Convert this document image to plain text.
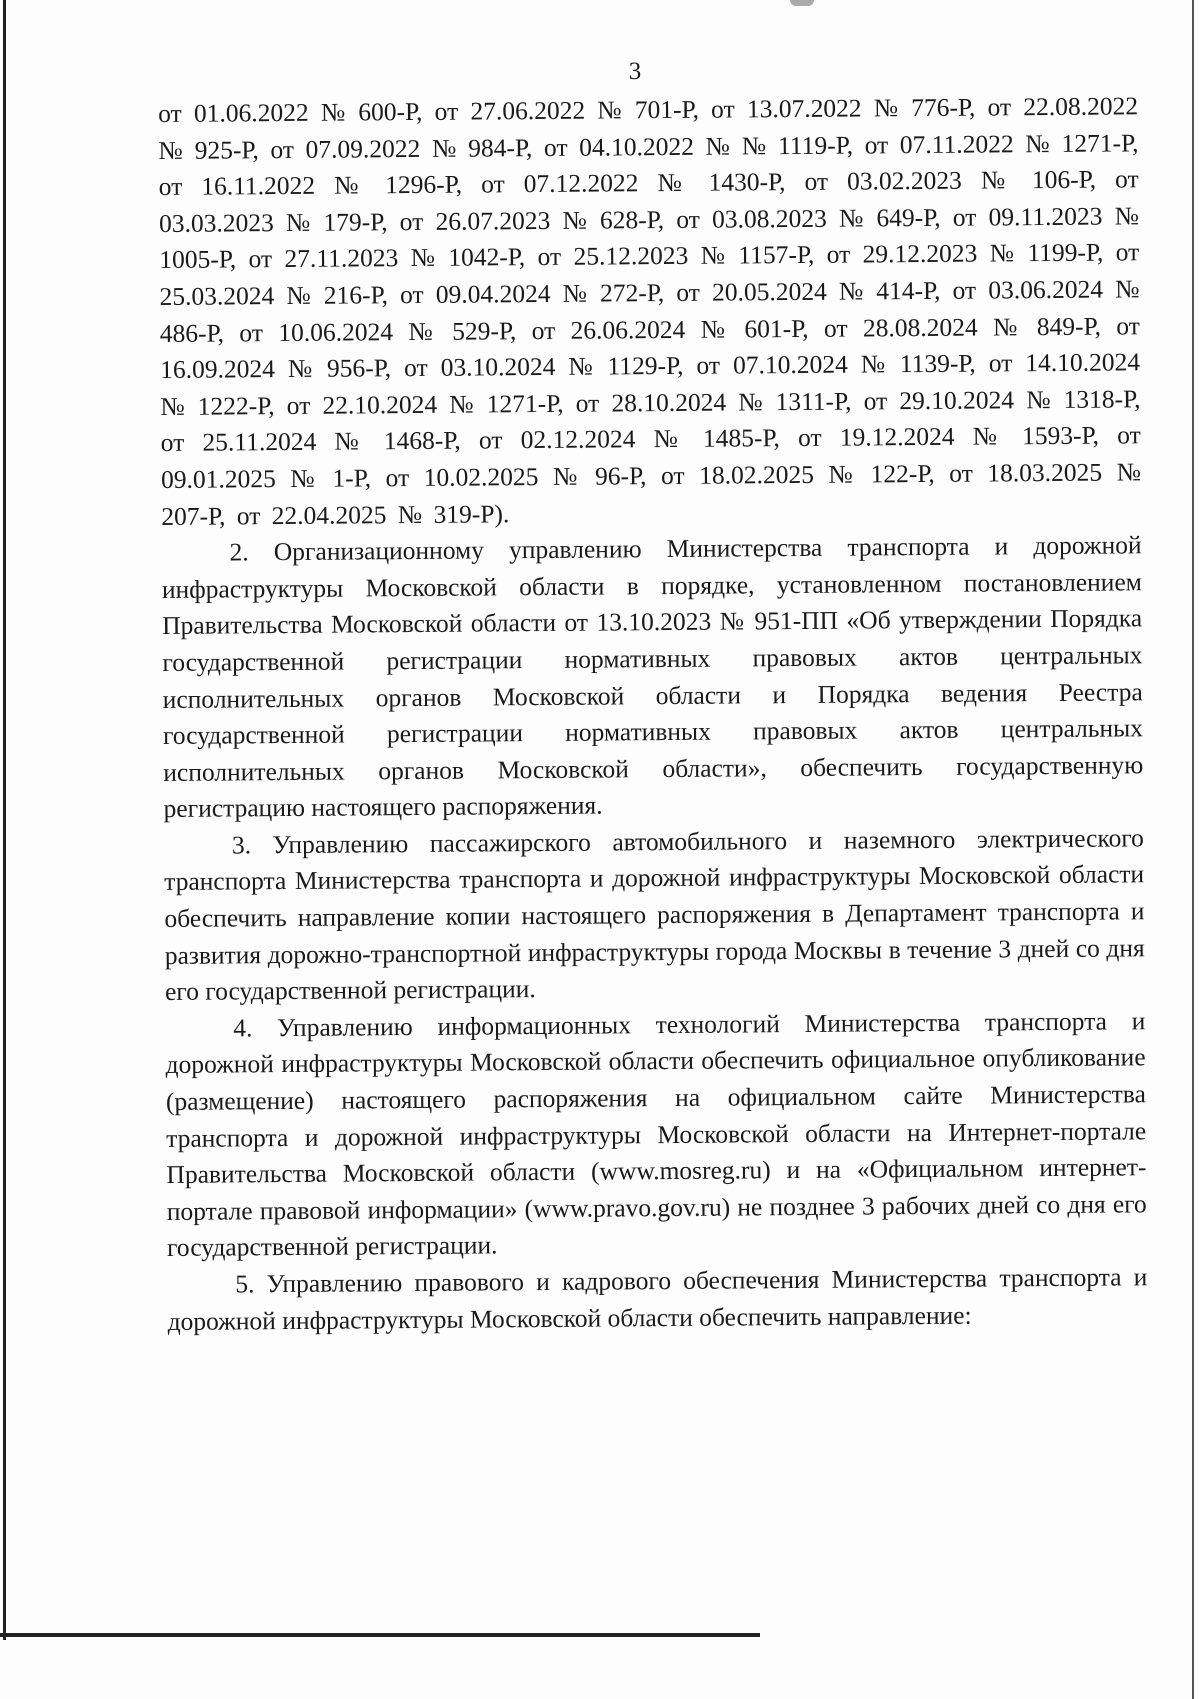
3

от 01.06.2022 № 600-Р, от 27.06.2022 № 701-Р, от 13.07.2022 № 776-Р, от 22.08.2022 № 925-Р, от 07.09.2022 № 984-Р, от 04.10.2022 № № 1119-Р, от 07.11.2022 № 1271-Р, от 16.11.2022 № 1296-Р, от 07.12.2022 № 1430-Р, от 03.02.2023 № 106-Р, от 03.03.2023 № 179-Р, от 26.07.2023 № 628-Р, от 03.08.2023 № 649-Р, от 09.11.2023 № 1005-Р, от 27.11.2023 № 1042-Р, от 25.12.2023 № 1157-Р, от 29.12.2023 № 1199-Р, от 25.03.2024 № 216-Р, от 09.04.2024 № 272-Р, от 20.05.2024 № 414-Р, от 03.06.2024 № 486-Р, от 10.06.2024 № 529-Р, от 26.06.2024 № 601-Р, от 28.08.2024 № 849-Р, от 16.09.2024 № 956-Р, от 03.10.2024 № 1129-Р, от 07.10.2024 № 1139-Р, от 14.10.2024 № 1222-Р, от 22.10.2024 № 1271-Р, от 28.10.2024 № 1311-Р, от 29.10.2024 № 1318-Р, от 25.11.2024 № 1468-Р, от 02.12.2024 № 1485-Р, от 19.12.2024 № 1593-Р, от 09.01.2025 № 1-Р, от 10.02.2025 № 96-Р, от 18.02.2025 № 122-Р, от 18.03.2025 № 207-Р, от 22.04.2025 № 319-Р).

2. Организационному управлению Министерства транспорта и дорожной инфраструктуры Московской области в порядке, установленном постановлением Правительства Московской области от 13.10.2023 № 951-ПП «Об утверждении Порядка государственной регистрации нормативных правовых актов центральных исполнительных органов Московской области и Порядка ведения Реестра государственной регистрации нормативных правовых актов центральных исполнительных органов Московской области», обеспечить государственную регистрацию настоящего распоряжения.

3. Управлению пассажирского автомобильного и наземного электрического транспорта Министерства транспорта и дорожной инфраструктуры Московской области обеспечить направление копии настоящего распоряжения в Департамент транспорта и развития дорожно-транспортной инфраструктуры города Москвы в течение 3 дней со дня его государственной регистрации.

4. Управлению информационных технологий Министерства транспорта и дорожной инфраструктуры Московской области обеспечить официальное опубликование (размещение) настоящего распоряжения на официальном сайте Министерства транспорта и дорожной инфраструктуры Московской области на Интернет-портале Правительства Московской области (www.mosreg.ru) и на «Официальном интернет-портале правовой информации» (www.pravo.gov.ru) не позднее 3 рабочих дней со дня его государственной регистрации.

5. Управлению правового и кадрового обеспечения Министерства транспорта и дорожной инфраструктуры Московской области обеспечить направление:
